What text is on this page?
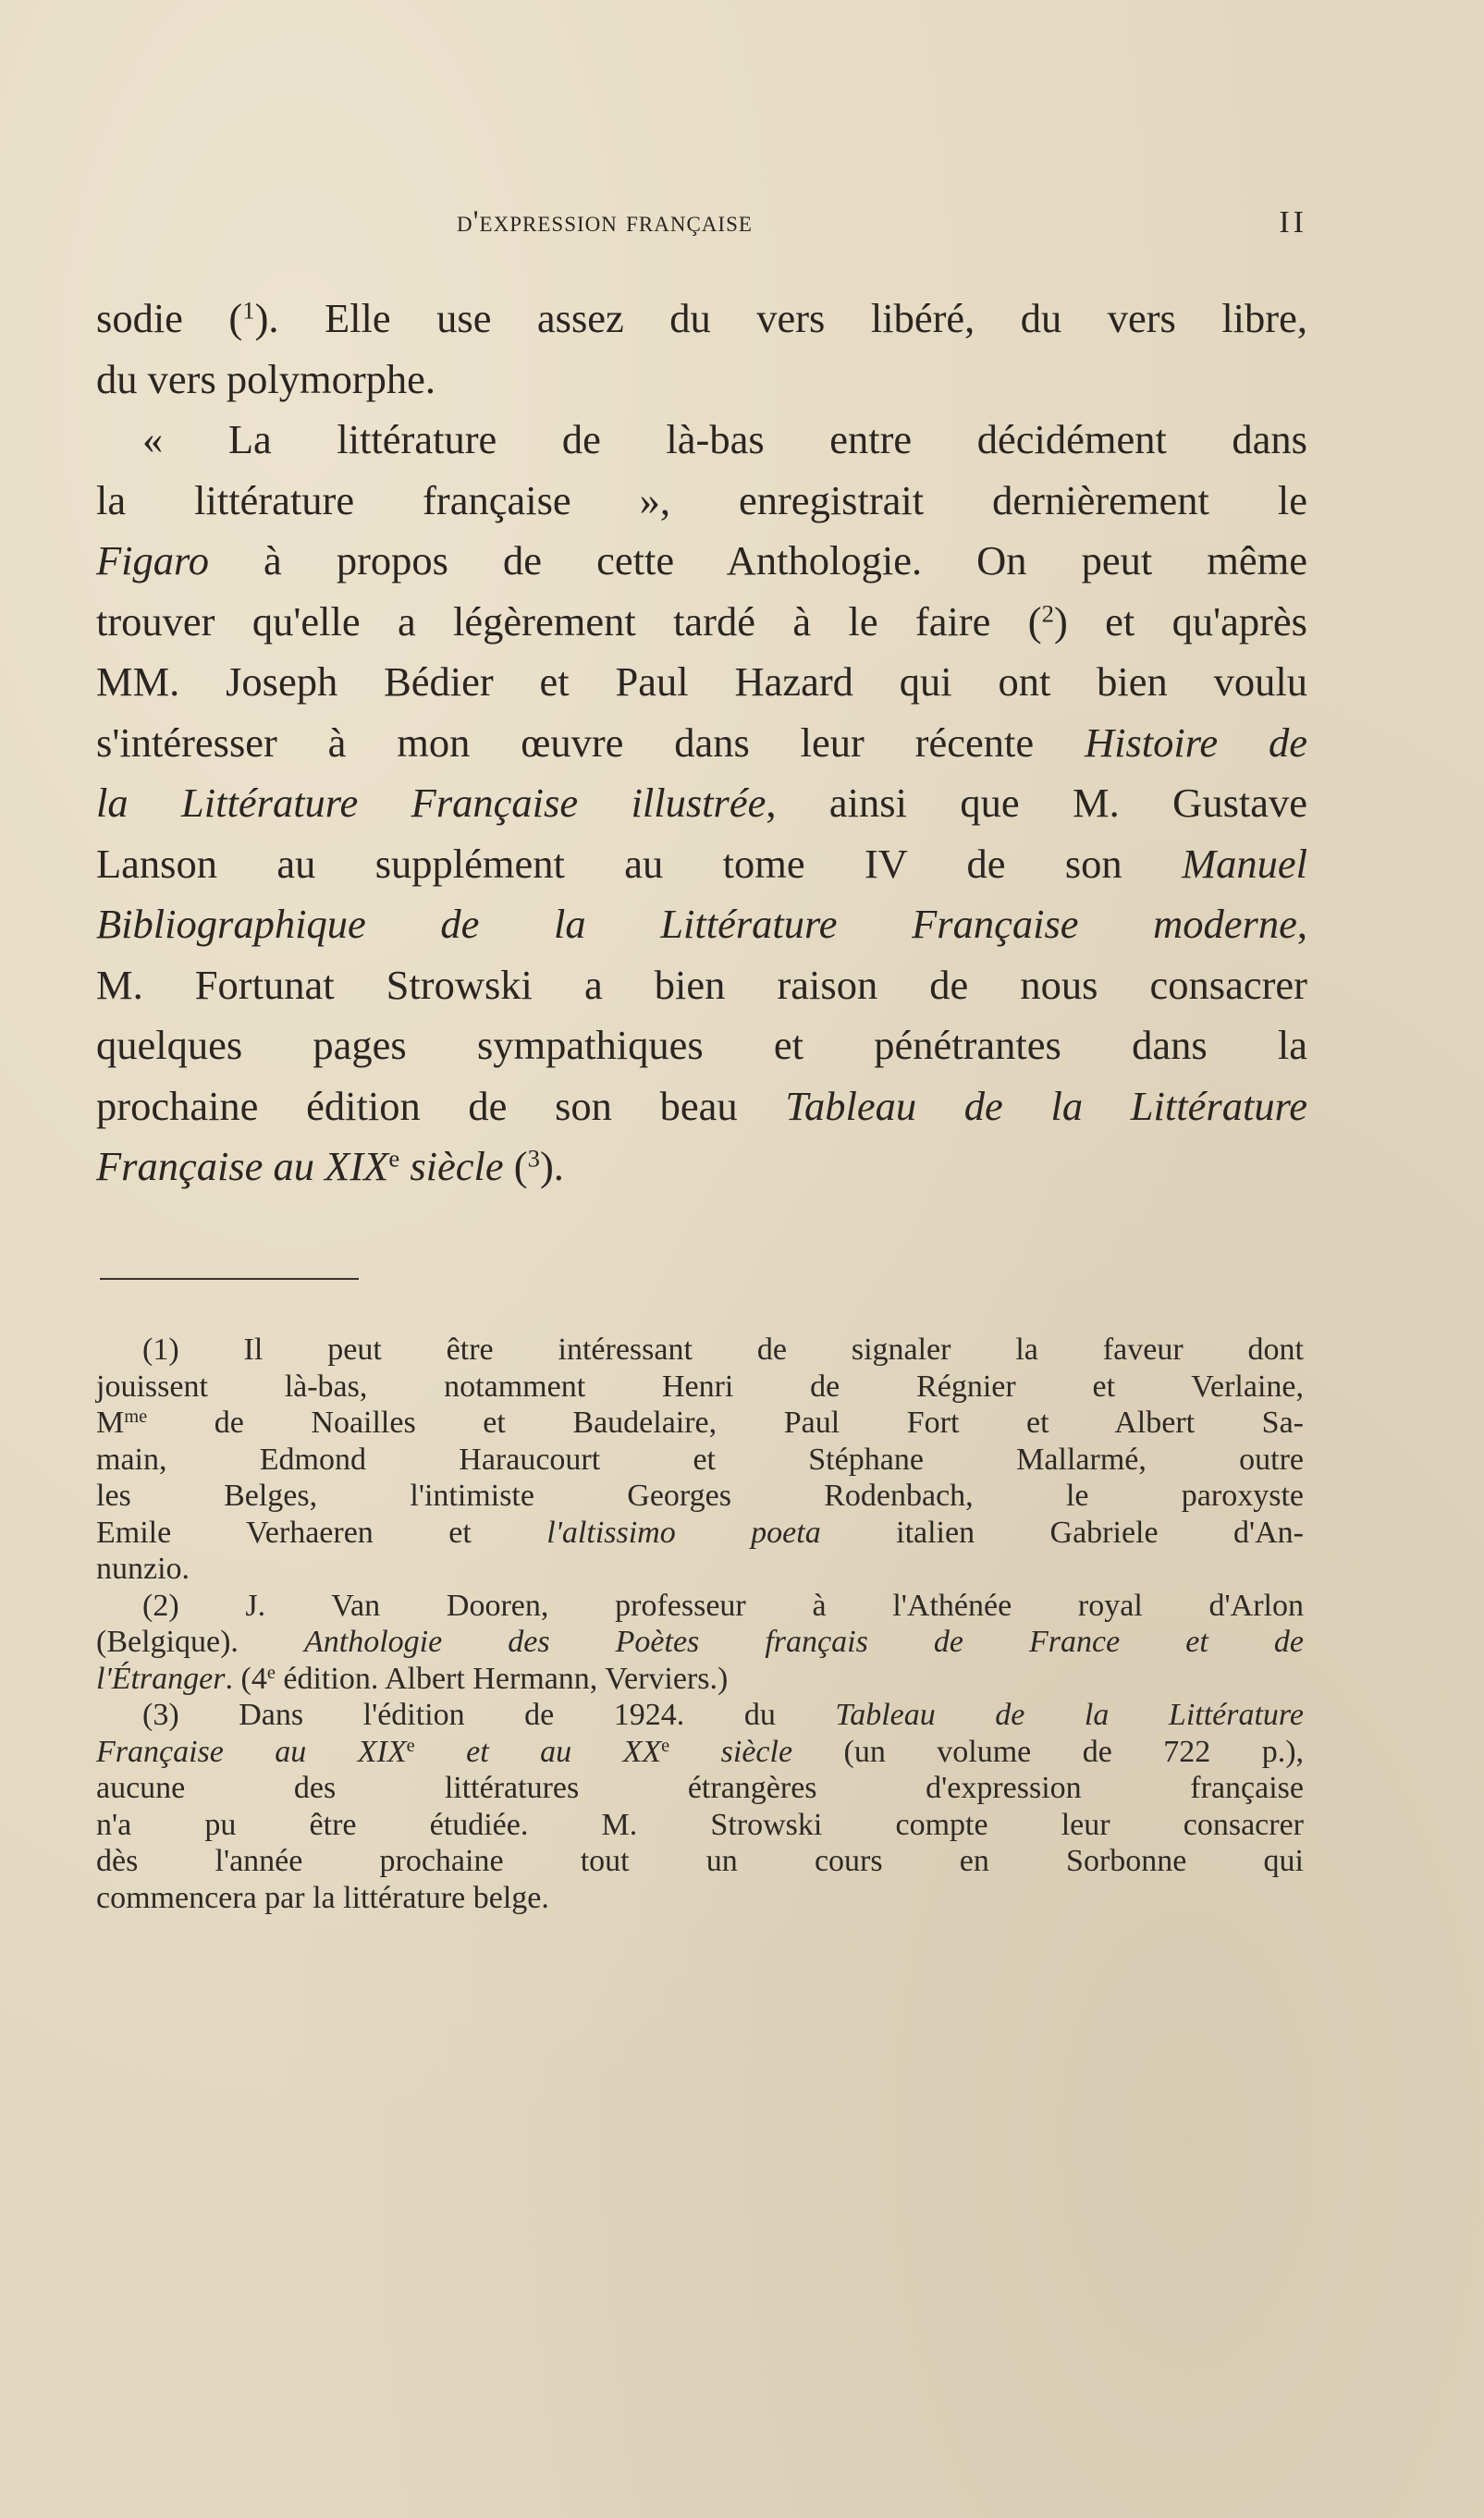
d'expression française	II
sodie ($^1$). Elle use assez du vers libéré, du vers libre,
du vers polymorphe.
« La littérature de là-bas entre décidément dans
la littérature française », enregistrait dernièrement le
Figaro à propos de cette Anthologie. On peut même
trouver qu'elle a légèrement tardé à le faire ($^2$) et qu'après
MM. Joseph Bédier et Paul Hazard qui ont bien voulu
s'intéresser à mon œuvre dans leur récente Histoire de
la Littérature Française illustrée, ainsi que M. Gustave
Lanson au supplément au tome IV de son Manuel
Bibliographique de la Littérature Française moderne,
M. Fortunat Strowski a bien raison de nous consacrer
quelques pages sympathiques et pénétrantes dans la
prochaine édition de son beau Tableau de la Littérature
Française au XIXe siècle ($^3$).
(1) Il peut être intéressant de signaler la faveur dont
jouissent là-bas, notamment Henri de Régnier et Verlaine,
$M^{me}$ de Noailles et Baudelaire, Paul Fort et Albert Sa-
main, Edmond Haraucourt et Stéphane Mallarmé, outre
les Belges, l'intimiste Georges Rodenbach, le paroxyste
Emile Verhaeren et l'altissimo poeta italien Gabriele d'An-
nunzio.
(2) J. Van Dooren, professeur à l'Athénée royal d'Arlon
(Belgique). Anthologie des Poètes français de France et de
l'Étranger. (4e édition. Albert Hermann, Verviers.)
(3) Dans l'édition de 1924. du Tableau de la Littérature
Française au XIXe et au XXe siècle (un volume de 722 p.),
aucune des littératures étrangères d'expression française
n'a pu être étudiée. M. Strowski compte leur consacrer
dès l'année prochaine tout un cours en Sorbonne qui
commencera par la littérature belge.
